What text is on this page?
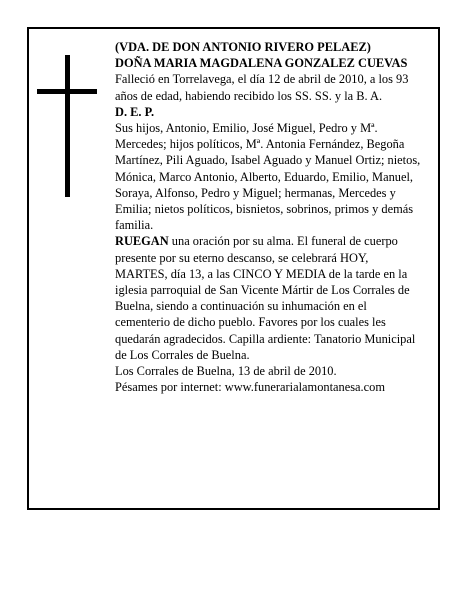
(VDA. DE DON ANTONIO RIVERO PELAEZ)

DOÑA MARIA MAGDALENA GONZALEZ CUEVAS

Falleció en Torrelavega, el día 12 de abril de 2010, a los 93 años de edad, habiendo recibido los SS. SS. y la B. A.

D. E. P.

Sus hijos, Antonio, Emilio, José Miguel, Pedro y Mª. Mercedes; hijos políticos, Mª. Antonia Fernández, Begoña Martínez, Pili Aguado, Isabel Aguado y Manuel Ortiz; nietos, Mónica, Marco Antonio, Alberto, Eduardo, Emilio, Manuel, Soraya, Alfonso, Pedro y Miguel; hermanas, Mercedes y Emilia; nietos políticos, bisnietos, sobrinos, primos y demás familia.

RUEGAN una oración por su alma. El funeral de cuerpo presente por su eterno descanso, se celebrará HOY, MARTES, día 13, a las CINCO Y MEDIA de la tarde en la iglesia parroquial de San Vicente Mártir de Los Corrales de Buelna, siendo a continuación su inhumación en el cementerio de dicho pueblo. Favores por los cuales les quedarán agradecidos. Capilla ardiente: Tanatorio Municipal de Los Corrales de Buelna.

Los Corrales de Buelna, 13 de abril de 2010.

Pésames por internet: www.funerarialamontanesa.com
